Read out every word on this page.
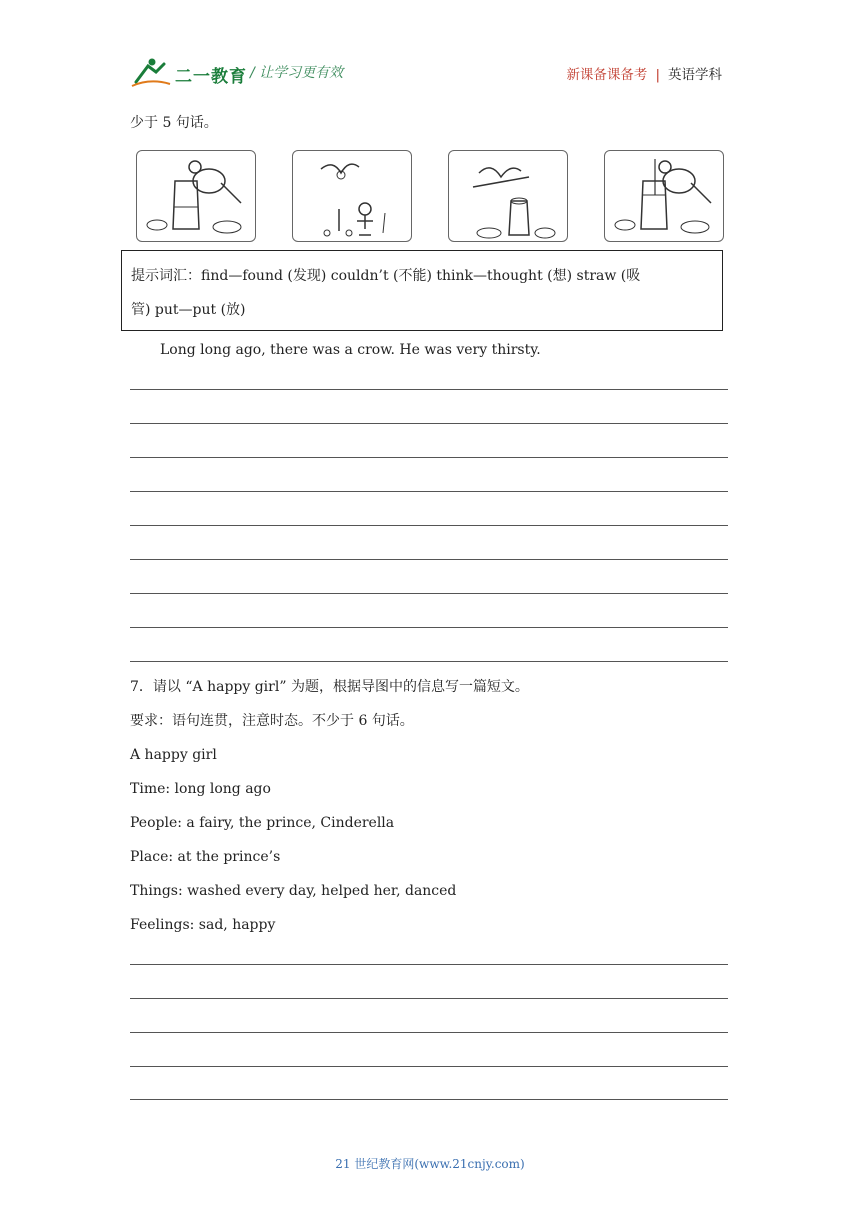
二一教育 / 让学习更有效	新课备课备考 | 英语学科
少于 5 句话。
提示词汇：find—found (发现) couldn’t (不能) think—thought (想) straw (吸
管) put—put (放)
Long long ago, there was a crow. He was very thirsty.
7．请以 “A happy girl” 为题，根据导图中的信息写一篇短文。
要求：语句连贯，注意时态。不少于 6 句话。
A happy girl
Time: long long ago
People: a fairy, the prince, Cinderella
Place: at the prince’s
Things: washed every day, helped her, danced
Feelings: sad, happy
21 世纪教育网(www.21cnjy.com)
